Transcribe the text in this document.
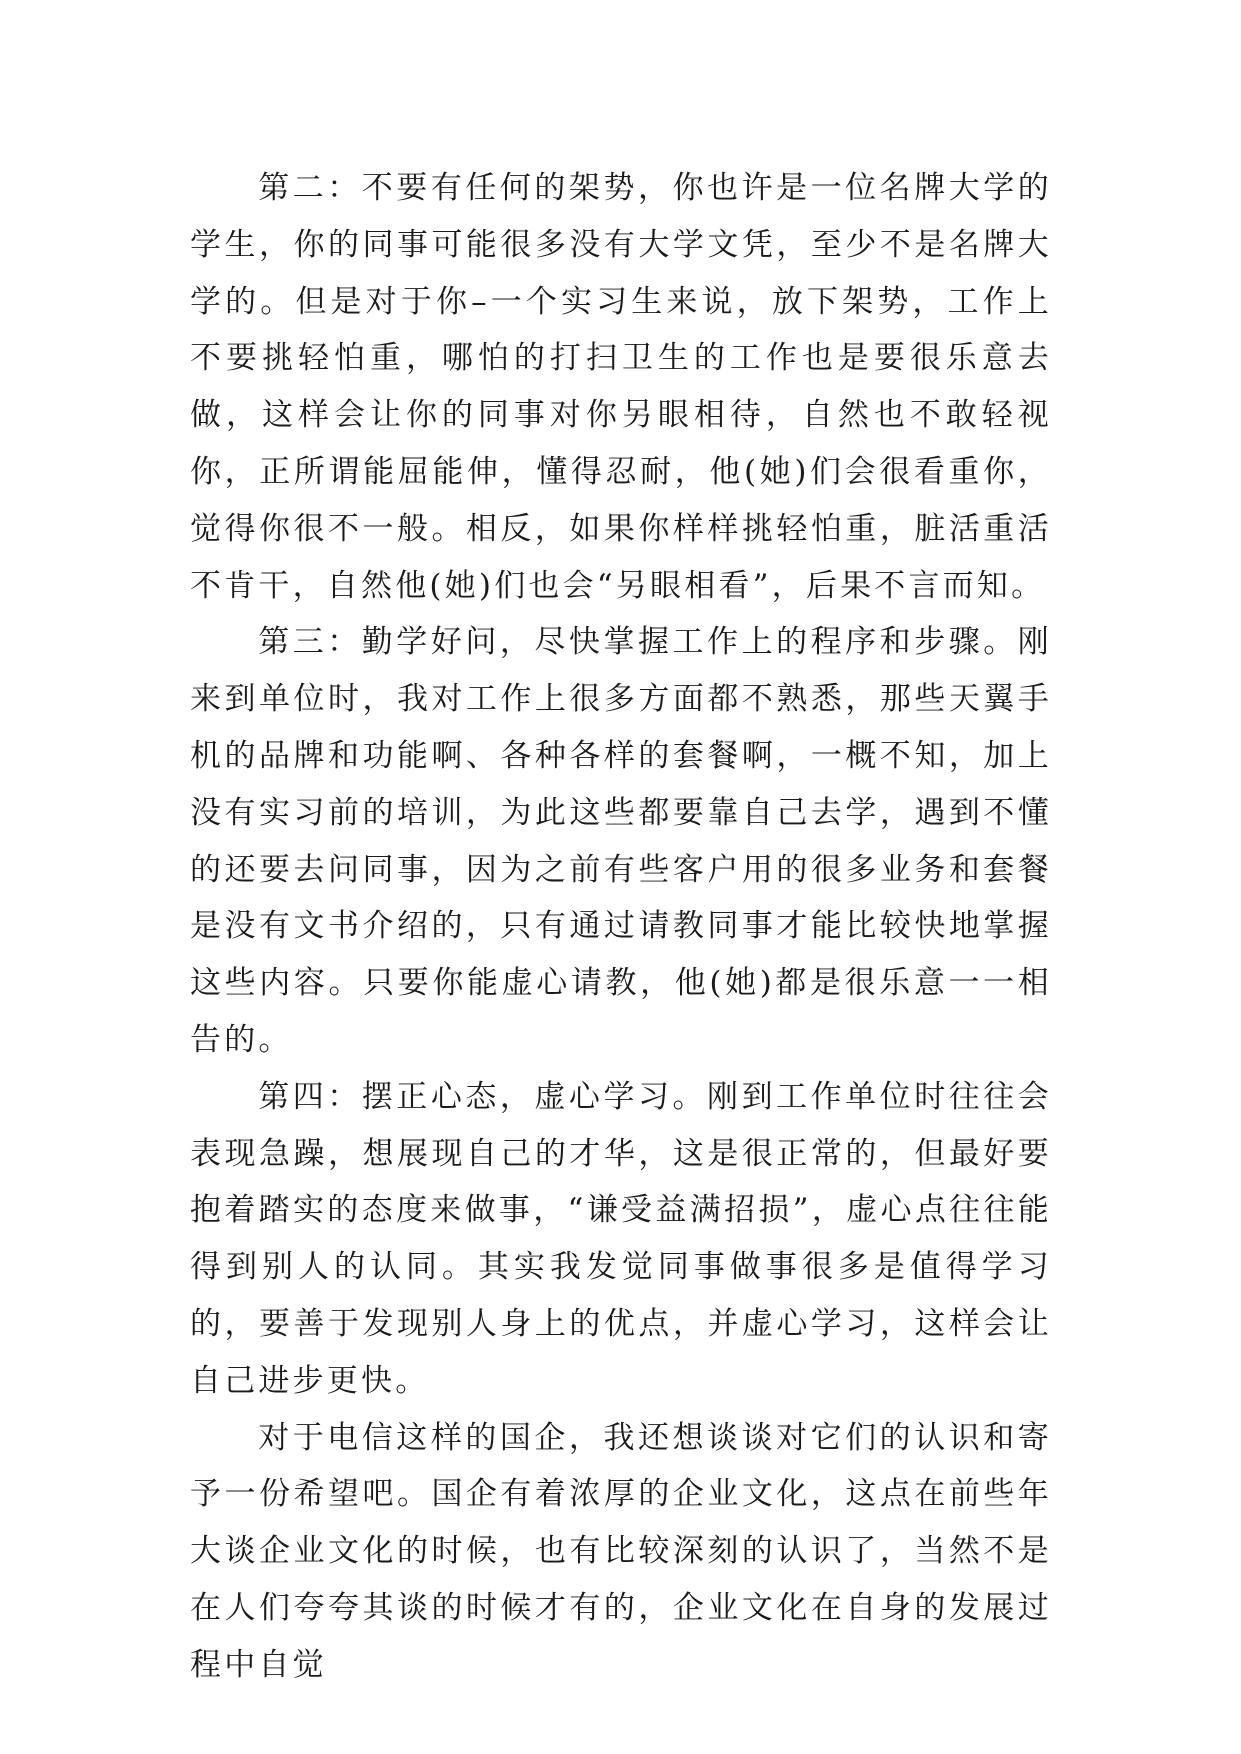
第二：不要有任何的架势，你也许是一位名牌大学的学生，你的同事可能很多没有大学文凭，至少不是名牌大学的。但是对于你–一个实习生来说，放下架势，工作上不要挑轻怕重，哪怕的打扫卫生的工作也是要很乐意去做，这样会让你的同事对你另眼相待，自然也不敢轻视你，正所谓能屈能伸，懂得忍耐，他(她)们会很看重你，觉得你很不一般。相反，如果你样样挑轻怕重，脏活重活不肯干，自然他(她)们也会“另眼相看”，后果不言而知。

第三：勤学好问，尽快掌握工作上的程序和步骤。刚来到单位时，我对工作上很多方面都不熟悉，那些天翼手机的品牌和功能啊、各种各样的套餐啊，一概不知，加上没有实习前的培训，为此这些都要靠自己去学，遇到不懂的还要去问同事，因为之前有些客户用的很多业务和套餐是没有文书介绍的，只有通过请教同事才能比较快地掌握这些内容。只要你能虚心请教，他(她)都是很乐意一一相告的。

第四：摆正心态，虚心学习。刚到工作单位时往往会表现急躁，想展现自己的才华，这是很正常的，但最好要抱着踏实的态度来做事，“谦受益满招损”，虚心点往往能得到别人的认同。其实我发觉同事做事很多是值得学习的，要善于发现别人身上的优点，并虚心学习，这样会让自己进步更快。

对于电信这样的国企，我还想谈谈对它们的认识和寄予一份希望吧。国企有着浓厚的企业文化，这点在前些年大谈企业文化的时候，也有比较深刻的认识了，当然不是在人们夸夸其谈的时候才有的，企业文化在自身的发展过程中自觉
